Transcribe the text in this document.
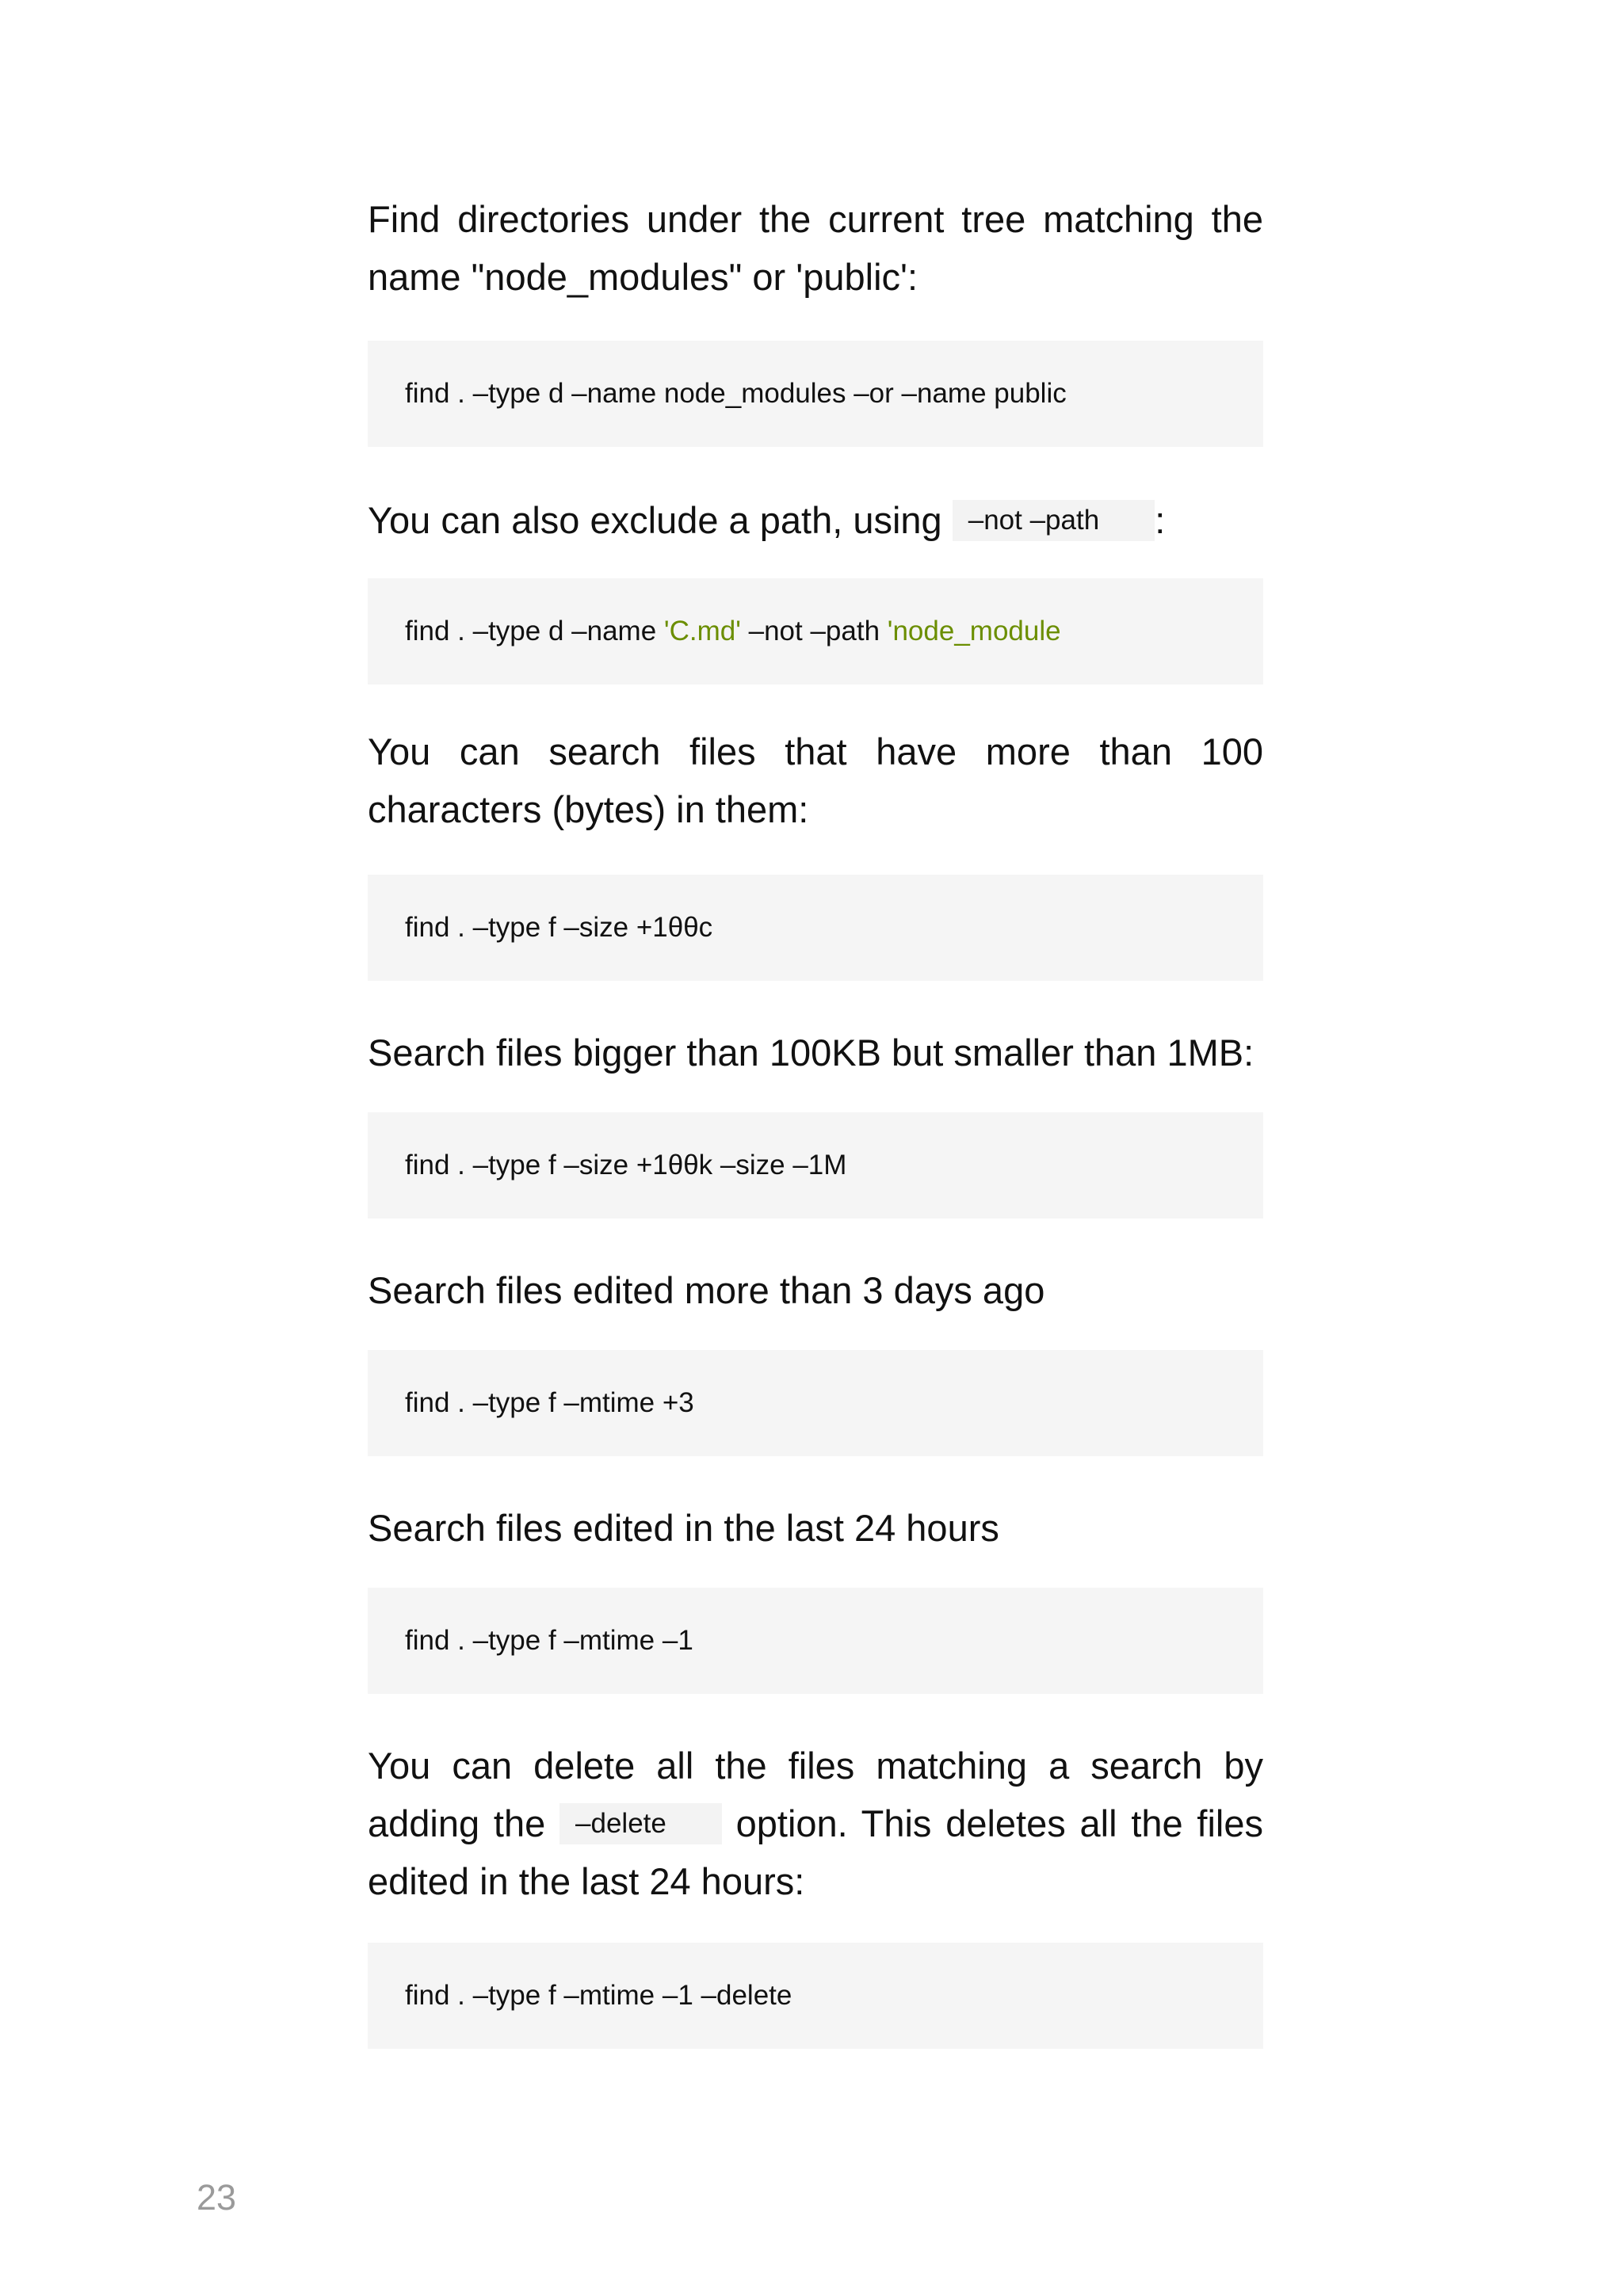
Find directories under the current tree matching the name "node_modules" or 'public':

find . –type d –name node_modules –or –name public

You can also exclude a path, using –not –path :

find . –type d –name 'C.md' –not –path 'node_module

You can search files that have more than 100 characters (bytes) in them:

find . –type f –size +1θθc

Search files bigger than 100KB but smaller than 1MB:

find . –type f –size +1θθk –size –1M

Search files edited more than 3 days ago

find . –type f –mtime +3

Search files edited in the last 24 hours

find . –type f –mtime –1

You can delete all the files matching a search by adding the –delete option. This deletes all the files edited in the last 24 hours:

find . –type f –mtime –1 –delete
23
